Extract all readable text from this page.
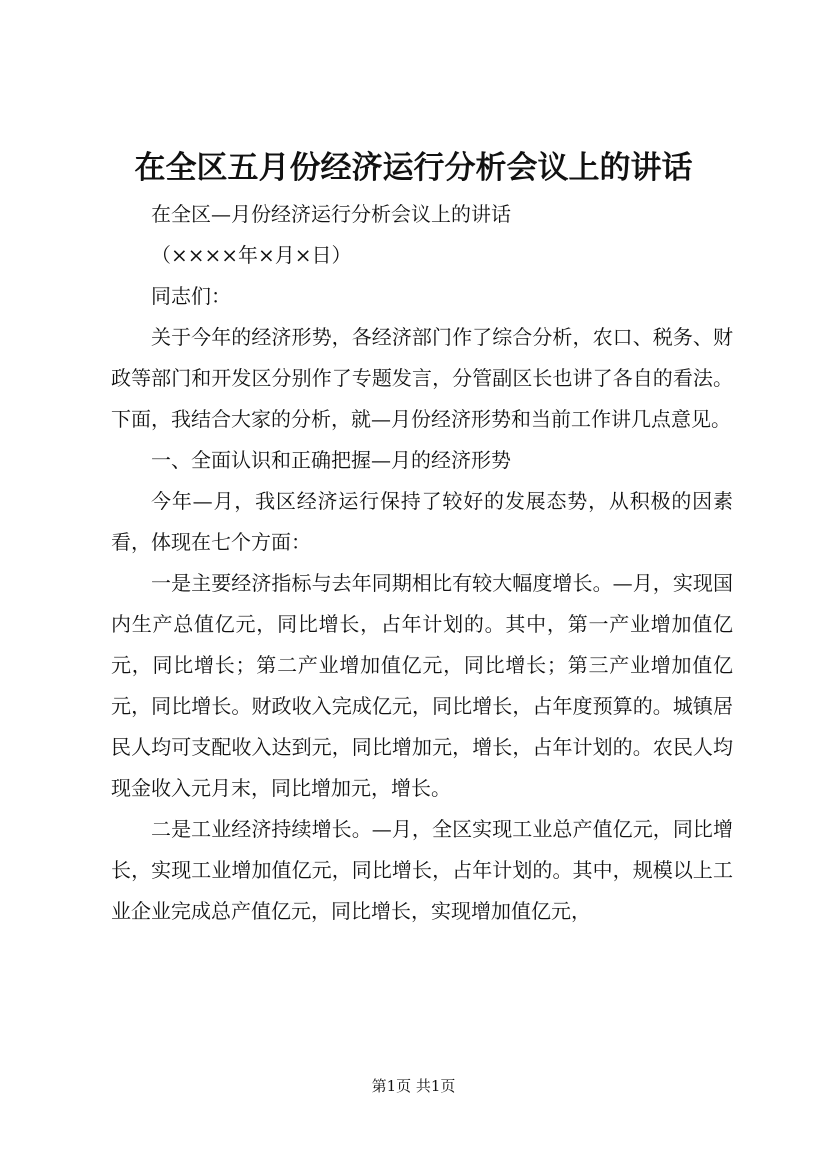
在全区五月份经济运行分析会议上的讲话

在全区—月份经济运行分析会议上的讲话

（××××年×月×日）

同志们：

关于今年的经济形势，各经济部门作了综合分析，农口、税务、财政等部门和开发区分别作了专题发言，分管副区长也讲了各自的看法。下面，我结合大家的分析，就—月份经济形势和当前工作讲几点意见。

一、全面认识和正确把握—月的经济形势

今年—月，我区经济运行保持了较好的发展态势，从积极的因素看，体现在七个方面：

一是主要经济指标与去年同期相比有较大幅度增长。—月，实现国内生产总值亿元，同比增长，占年计划的。其中，第一产业增加值亿元，同比增长；第二产业增加值亿元，同比增长；第三产业增加值亿元，同比增长。财政收入完成亿元，同比增长，占年度预算的。城镇居民人均可支配收入达到元，同比增加元，增长，占年计划的。农民人均现金收入元月末，同比增加元，增长。

二是工业经济持续增长。—月，全区实现工业总产值亿元，同比增长，实现工业增加值亿元，同比增长，占年计划的。其中，规模以上工业企业完成总产值亿元，同比增长，实现增加值亿元，

第1页 共1页
